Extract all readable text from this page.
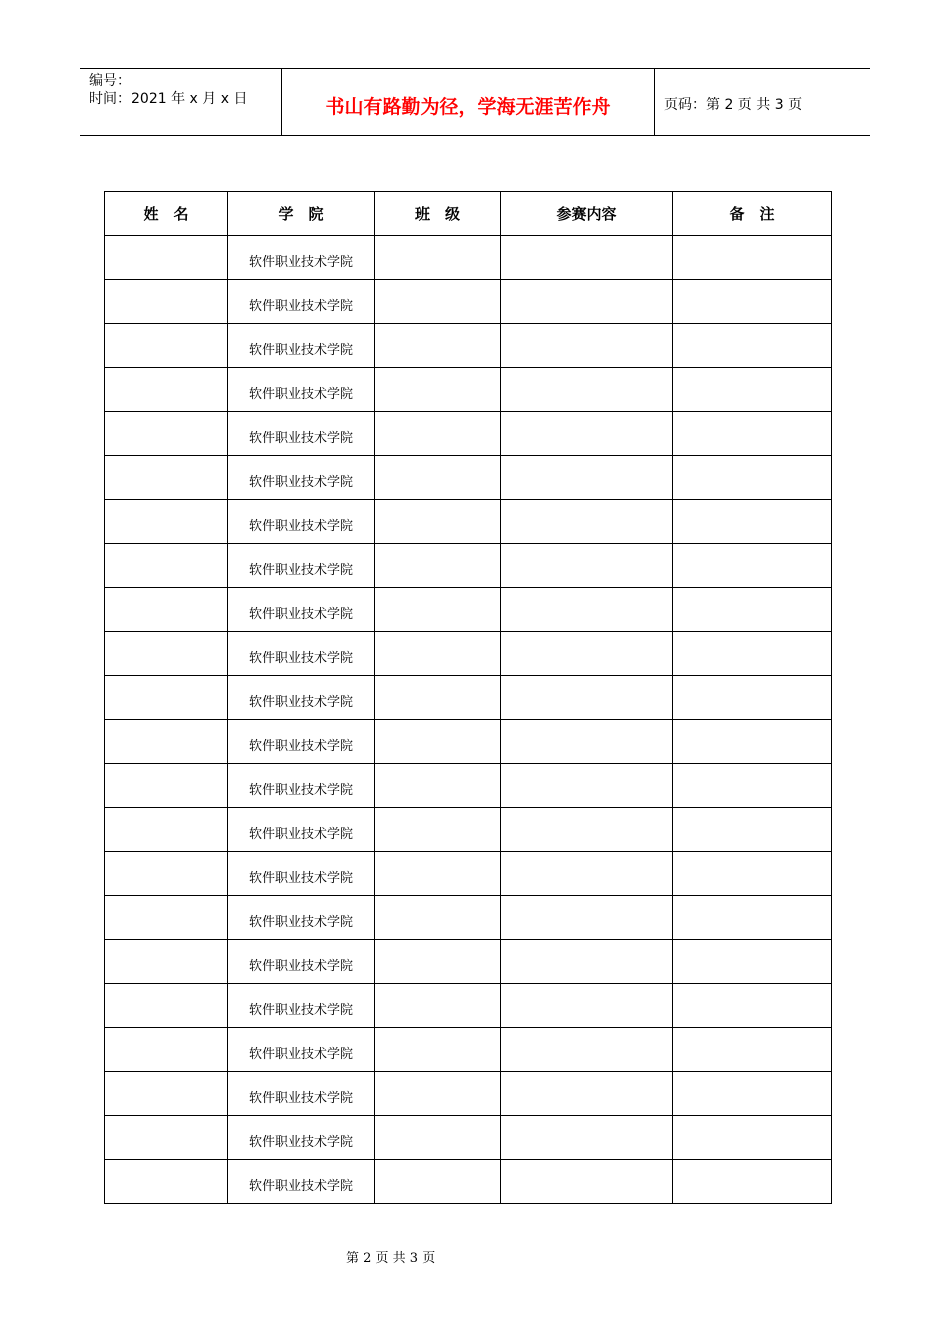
编号：
时间：2021 年 x 月 x 日	书山有路勤为径，学海无涯苦作舟	页码：第 2 页 共 3 页
姓　名	学　院	班　级	参赛内容	备　注
	软件职业技术学院			
	软件职业技术学院			
	软件职业技术学院			
	软件职业技术学院			
	软件职业技术学院			
	软件职业技术学院			
	软件职业技术学院			
	软件职业技术学院			
	软件职业技术学院			
	软件职业技术学院			
	软件职业技术学院			
	软件职业技术学院			
	软件职业技术学院			
	软件职业技术学院			
	软件职业技术学院			
	软件职业技术学院			
	软件职业技术学院			
	软件职业技术学院			
	软件职业技术学院			
	软件职业技术学院			
	软件职业技术学院			
	软件职业技术学院			
第 2 页 共 3 页
